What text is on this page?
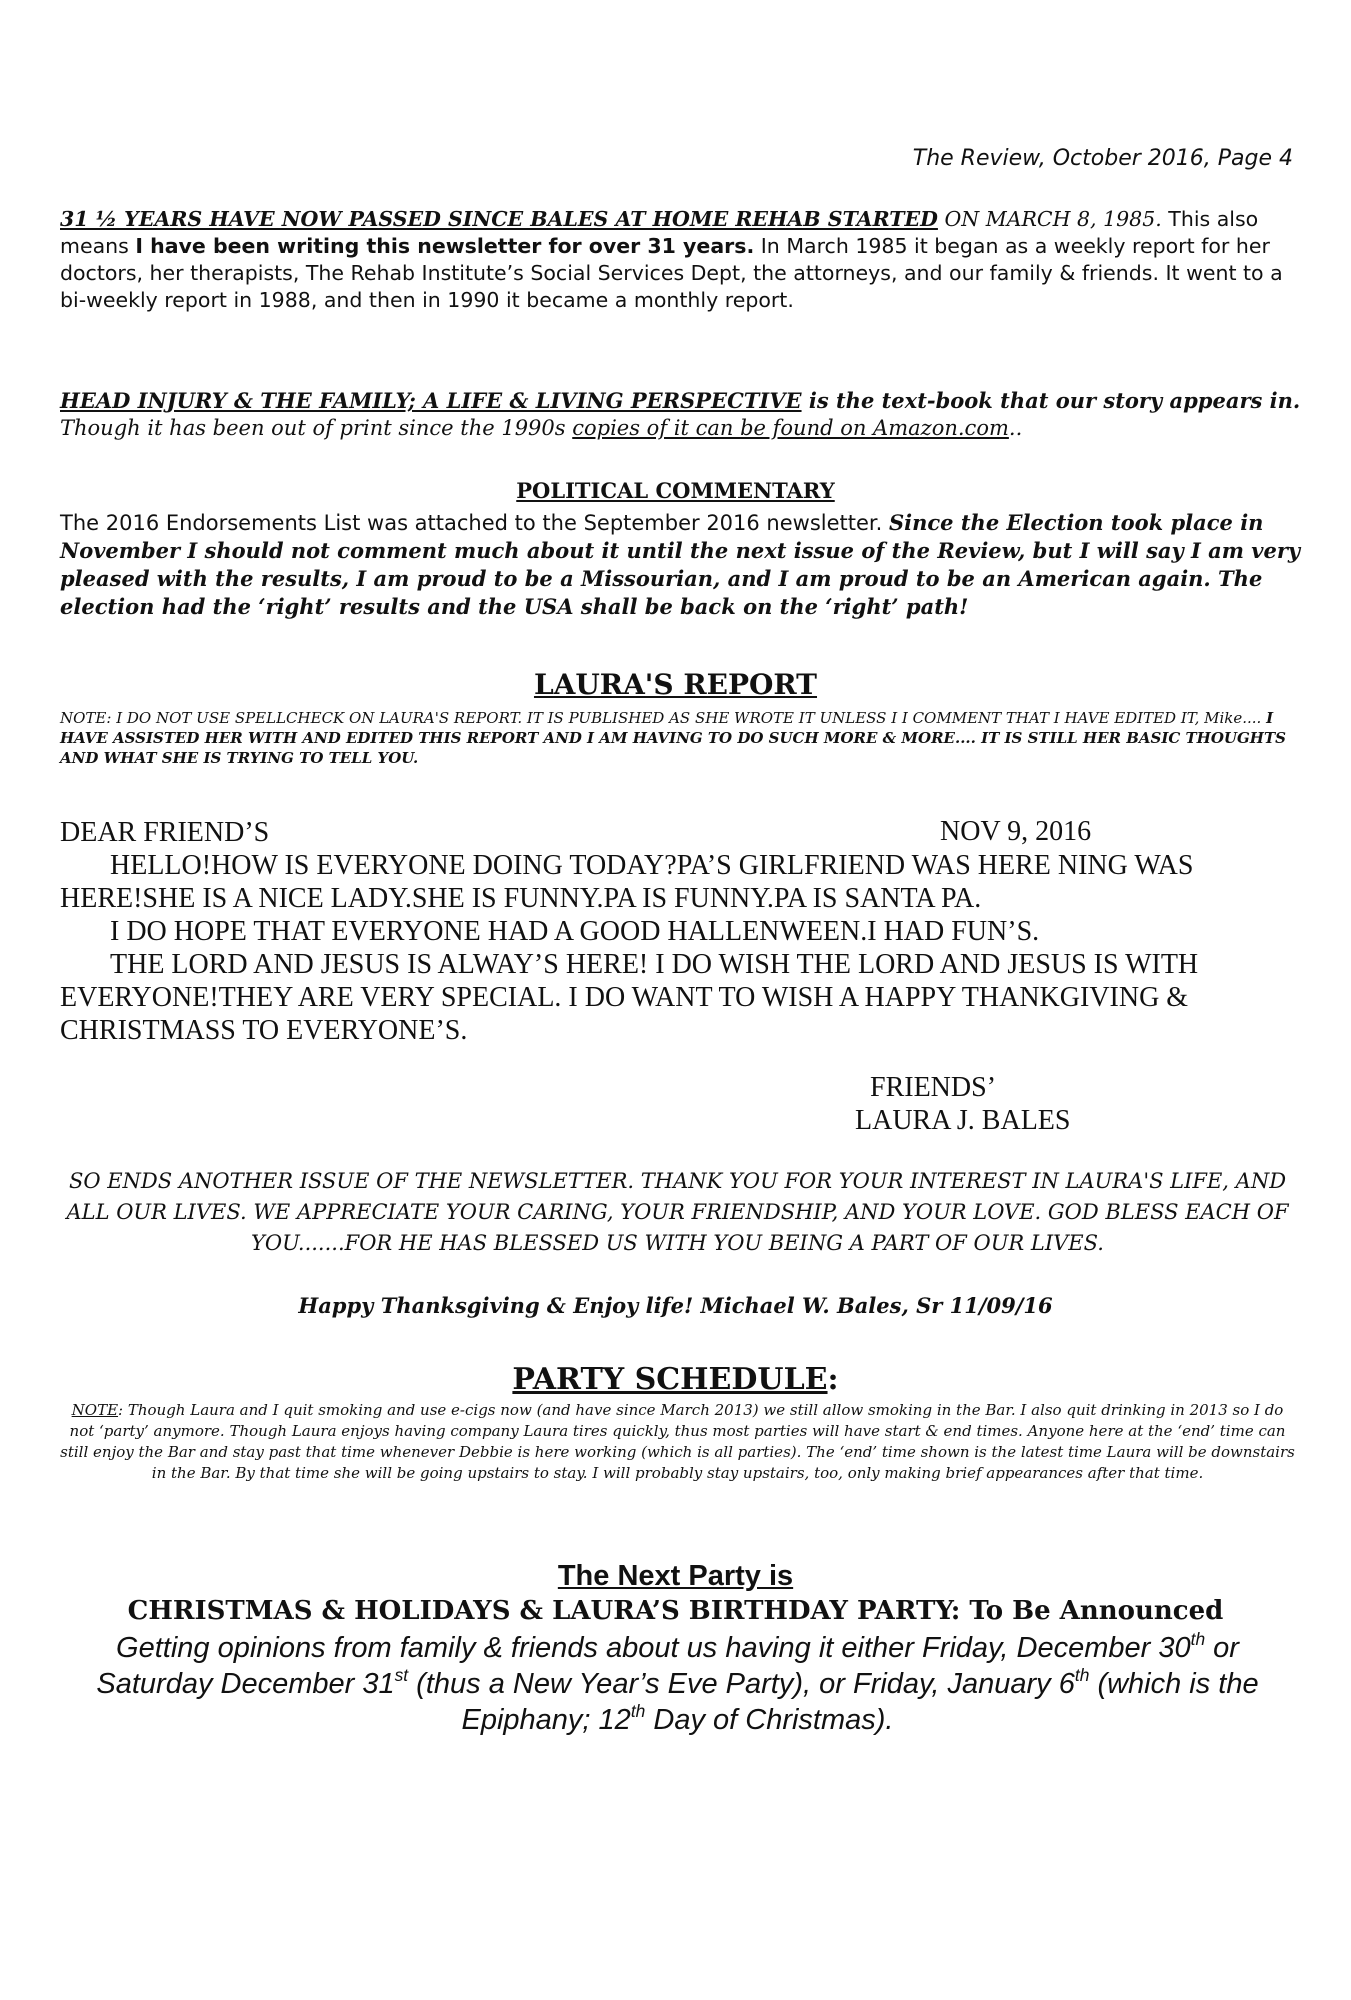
The Review, October 2016, Page 4
31 ½ YEARS HAVE NOW PASSED SINCE BALES AT HOME REHAB STARTED ON MARCH 8, 1985. This also means I have been writing this newsletter for over 31 years. In March 1985 it began as a weekly report for her doctors, her therapists, The Rehab Institute’s Social Services Dept, the attorneys, and our family & friends. It went to a bi-weekly report in 1988, and then in 1990 it became a monthly report.
HEAD INJURY & THE FAMILY; A LIFE & LIVING PERSPECTIVE is the text-book that our story appears in. Though it has been out of print since the 1990s copies of it can be found on Amazon.com..
POLITICAL COMMENTARY
The 2016 Endorsements List was attached to the September 2016 newsletter. Since the Election took place in November I should not comment much about it until the next issue of the Review, but I will say I am very pleased with the results, I am proud to be a Missourian, and I am proud to be an American again. The election had the ‘right’ results and the USA shall be back on the ‘right’ path!
LAURA'S REPORT
NOTE: I DO NOT USE SPELLCHECK ON LAURA'S REPORT. IT IS PUBLISHED AS SHE WROTE IT UNLESS I I COMMENT THAT I HAVE EDITED IT, Mike.... I HAVE ASSISTED HER WITH AND EDITED THIS REPORT AND I AM HAVING TO DO SUCH MORE & MORE.... IT IS STILL HER BASIC THOUGHTS AND WHAT SHE IS TRYING TO TELL YOU.
DEAR FRIEND’S	NOV 9, 2016

HELLO!HOW IS EVERYONE DOING TODAY?PA’S GIRLFRIEND WAS HERE NING WAS HERE!SHE IS A NICE LADY.SHE IS FUNNY.PA IS FUNNY.PA IS SANTA PA.

I DO HOPE THAT EVERYONE HAD A GOOD HALLENWEEN.I HAD FUN’S.

THE LORD AND JESUS IS ALWAY’S HERE! I DO WISH THE LORD AND JESUS IS WITH EVERYONE!THEY ARE VERY SPECIAL. I DO WANT TO WISH A HAPPY THANKGIVING & CHRISTMASS TO EVERYONE’S.

FRIENDS’
LAURA J. BALES
SO ENDS ANOTHER ISSUE OF THE NEWSLETTER. THANK YOU FOR YOUR INTEREST IN LAURA'S LIFE, AND ALL OUR LIVES. WE APPRECIATE YOUR CARING, YOUR FRIENDSHIP, AND YOUR LOVE. GOD BLESS EACH OF YOU.......FOR HE HAS BLESSED US WITH YOU BEING A PART OF OUR LIVES.
Happy Thanksgiving & Enjoy life! Michael W. Bales, Sr 11/09/16
PARTY SCHEDULE:
NOTE: Though Laura and I quit smoking and use e-cigs now (and have since March 2013) we still allow smoking in the Bar. I also quit drinking in 2013 so I do not ‘party’ anymore. Though Laura enjoys having company Laura tires quickly, thus most parties will have start & end times. Anyone here at the ‘end’ time can still enjoy the Bar and stay past that time whenever Debbie is here working (which is all parties). The ‘end’ time shown is the latest time Laura will be downstairs in the Bar. By that time she will be going upstairs to stay. I will probably stay upstairs, too, only making brief appearances after that time.
The Next Party is
CHRISTMAS & HOLIDAYS & LAURA’S BIRTHDAY PARTY: To Be Announced
Getting opinions from family & friends about us having it either Friday, December 30th or Saturday December 31st (thus a New Year’s Eve Party), or Friday, January 6th (which is the Epiphany; 12th Day of Christmas).
